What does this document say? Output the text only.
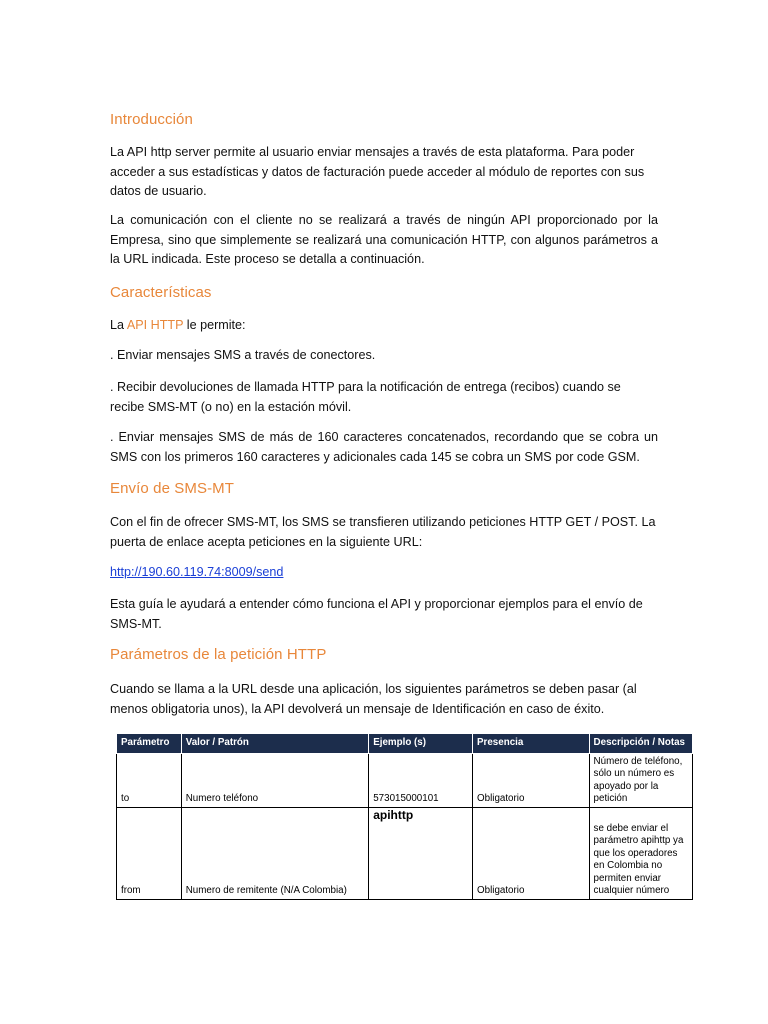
Introducción

La API http server permite al usuario enviar mensajes a través de esta plataforma. Para poder acceder a sus estadísticas y datos de facturación puede acceder al módulo de reportes con sus datos de usuario.

La comunicación con el cliente no se realizará a través de ningún API proporcionado por la Empresa, sino que simplemente se realizará una comunicación HTTP, con algunos parámetros a la URL indicada. Este proceso se detalla a continuación.

Características

La API HTTP le permite:

. Enviar mensajes SMS a través de conectores.

. Recibir devoluciones de llamada HTTP para la notificación de entrega (recibos) cuando se recibe SMS-MT (o no) en la estación móvil.

. Enviar mensajes SMS de más de 160 caracteres concatenados, recordando que se cobra un SMS con los primeros 160 caracteres y adicionales cada 145 se cobra un SMS por code GSM.

Envío de SMS-MT

Con el fin de ofrecer SMS-MT, los SMS se transfieren utilizando peticiones HTTP GET / POST. La puerta de enlace acepta peticiones en la siguiente URL:

http://190.60.119.74:8009/send

Esta guía le ayudará a entender cómo funciona el API y proporcionar ejemplos para el envío de SMS-MT.

Parámetros de la petición HTTP

Cuando se llama a la URL desde una aplicación, los siguientes parámetros se deben pasar (al menos obligatoria unos), la API devolverá un mensaje de Identificación en caso de éxito.

Parámetro	Valor / Patrón	Ejemplo (s)	Presencia	Descripción / Notas
to	Numero teléfono	573015000101	Obligatorio	Número de teléfono, sólo un número es apoyado por la petición
from	Numero de remitente (N/A Colombia)	apihttp	Obligatorio	se debe enviar el parámetro apihttp ya que los operadores en Colombia no permiten enviar cualquier número
